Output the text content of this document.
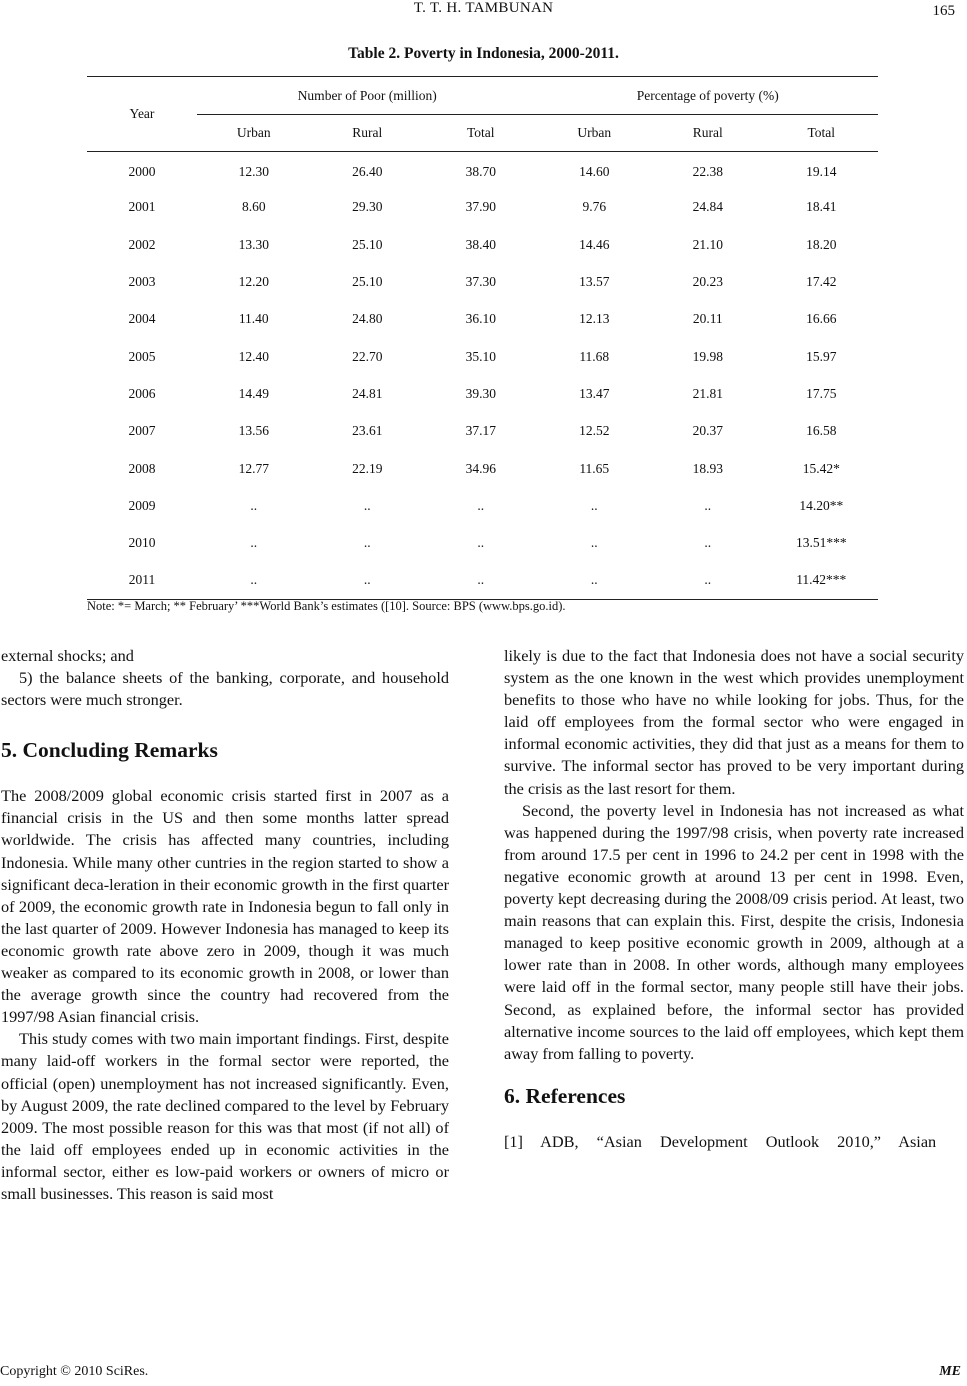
T. T. H. TAMBUNAN	165
Table 2. Poverty in Indonesia, 2000-2011.
Year	Number of Poor (million)			Percentage of poverty (%)		
	Urban	Rural	Total	Urban	Rural	Total
2000	12.30	26.40	38.70	14.60	22.38	19.14
2001	8.60	29.30	37.90	9.76	24.84	18.41
2002	13.30	25.10	38.40	14.46	21.10	18.20
2003	12.20	25.10	37.30	13.57	20.23	17.42
2004	11.40	24.80	36.10	12.13	20.11	16.66
2005	12.40	22.70	35.10	11.68	19.98	15.97
2006	14.49	24.81	39.30	13.47	21.81	17.75
2007	13.56	23.61	37.17	12.52	20.37	16.58
2008	12.77	22.19	34.96	11.65	18.93	15.42*
2009	..	..	..	..	..	14.20**
2010	..	..	..	..	..	13.51***
2011	..	..	..	..	..	11.42***
Note: *= March; ** February’ ***World Bank’s estimates ([10]. Source: BPS (www.bps.go.id).

external shocks; and

5) the balance sheets of the banking, corporate, and household sectors were much stronger.

5. Concluding Remarks

The 2008/2009 global economic crisis started first in 2007 as a financial crisis in the US and then some months latter spread worldwide. The crisis has affected many countries, including Indonesia. While many other cuntries in the region started to show a significant deca-leration in their economic growth in the first quarter of 2009, the economic growth rate in Indonesia begun to fall only in the last quarter of 2009. However Indonesia has managed to keep its economic growth rate above zero in 2009, though it was much weaker as compared to its economic growth in 2008, or lower than the average growth since the country had recovered from the 1997/98 Asian financial crisis.

This study comes with two main important findings. First, despite many laid-off workers in the formal sector were reported, the official (open) unemployment has not increased significantly. Even, by August 2009, the rate declined compared to the level by February 2009. The most possible reason for this was that most (if not all) of the laid off employees ended up in economic activities in the informal sector, either es low-paid workers or owners of micro or small businesses. This reason is said most

likely is due to the fact that Indonesia does not have a social security system as the one known in the west which provides unemployment benefits to those who have no while looking for jobs. Thus, for the laid off employees from the formal sector who were engaged in informal economic activities, they did that just as a means for them to survive. The informal sector has proved to be very important during the crisis as the last resort for them.

Second, the poverty level in Indonesia has not increased as what was happened during the 1997/98 crisis, when poverty rate increased from around 17.5 per cent in 1996 to 24.2 per cent in 1998 with the negative economic growth at around 13 per cent in 1998. Even, poverty kept decreasing during the 2008/09 crisis period. At least, two main reasons that can explain this. First, despite the crisis, Indonesia managed to keep positive economic growth in 2009, although at a lower rate than in 2008. In other words, although many employees were laid off in the formal sector, many people still have their jobs. Second, as explained before, the informal sector has provided alternative income sources to the laid off employees, which kept them away from falling to poverty.

6. References

[1] ADB, “Asian Development Outlook 2010,” Asian

Copyright © 2010 SciRes.	ME
